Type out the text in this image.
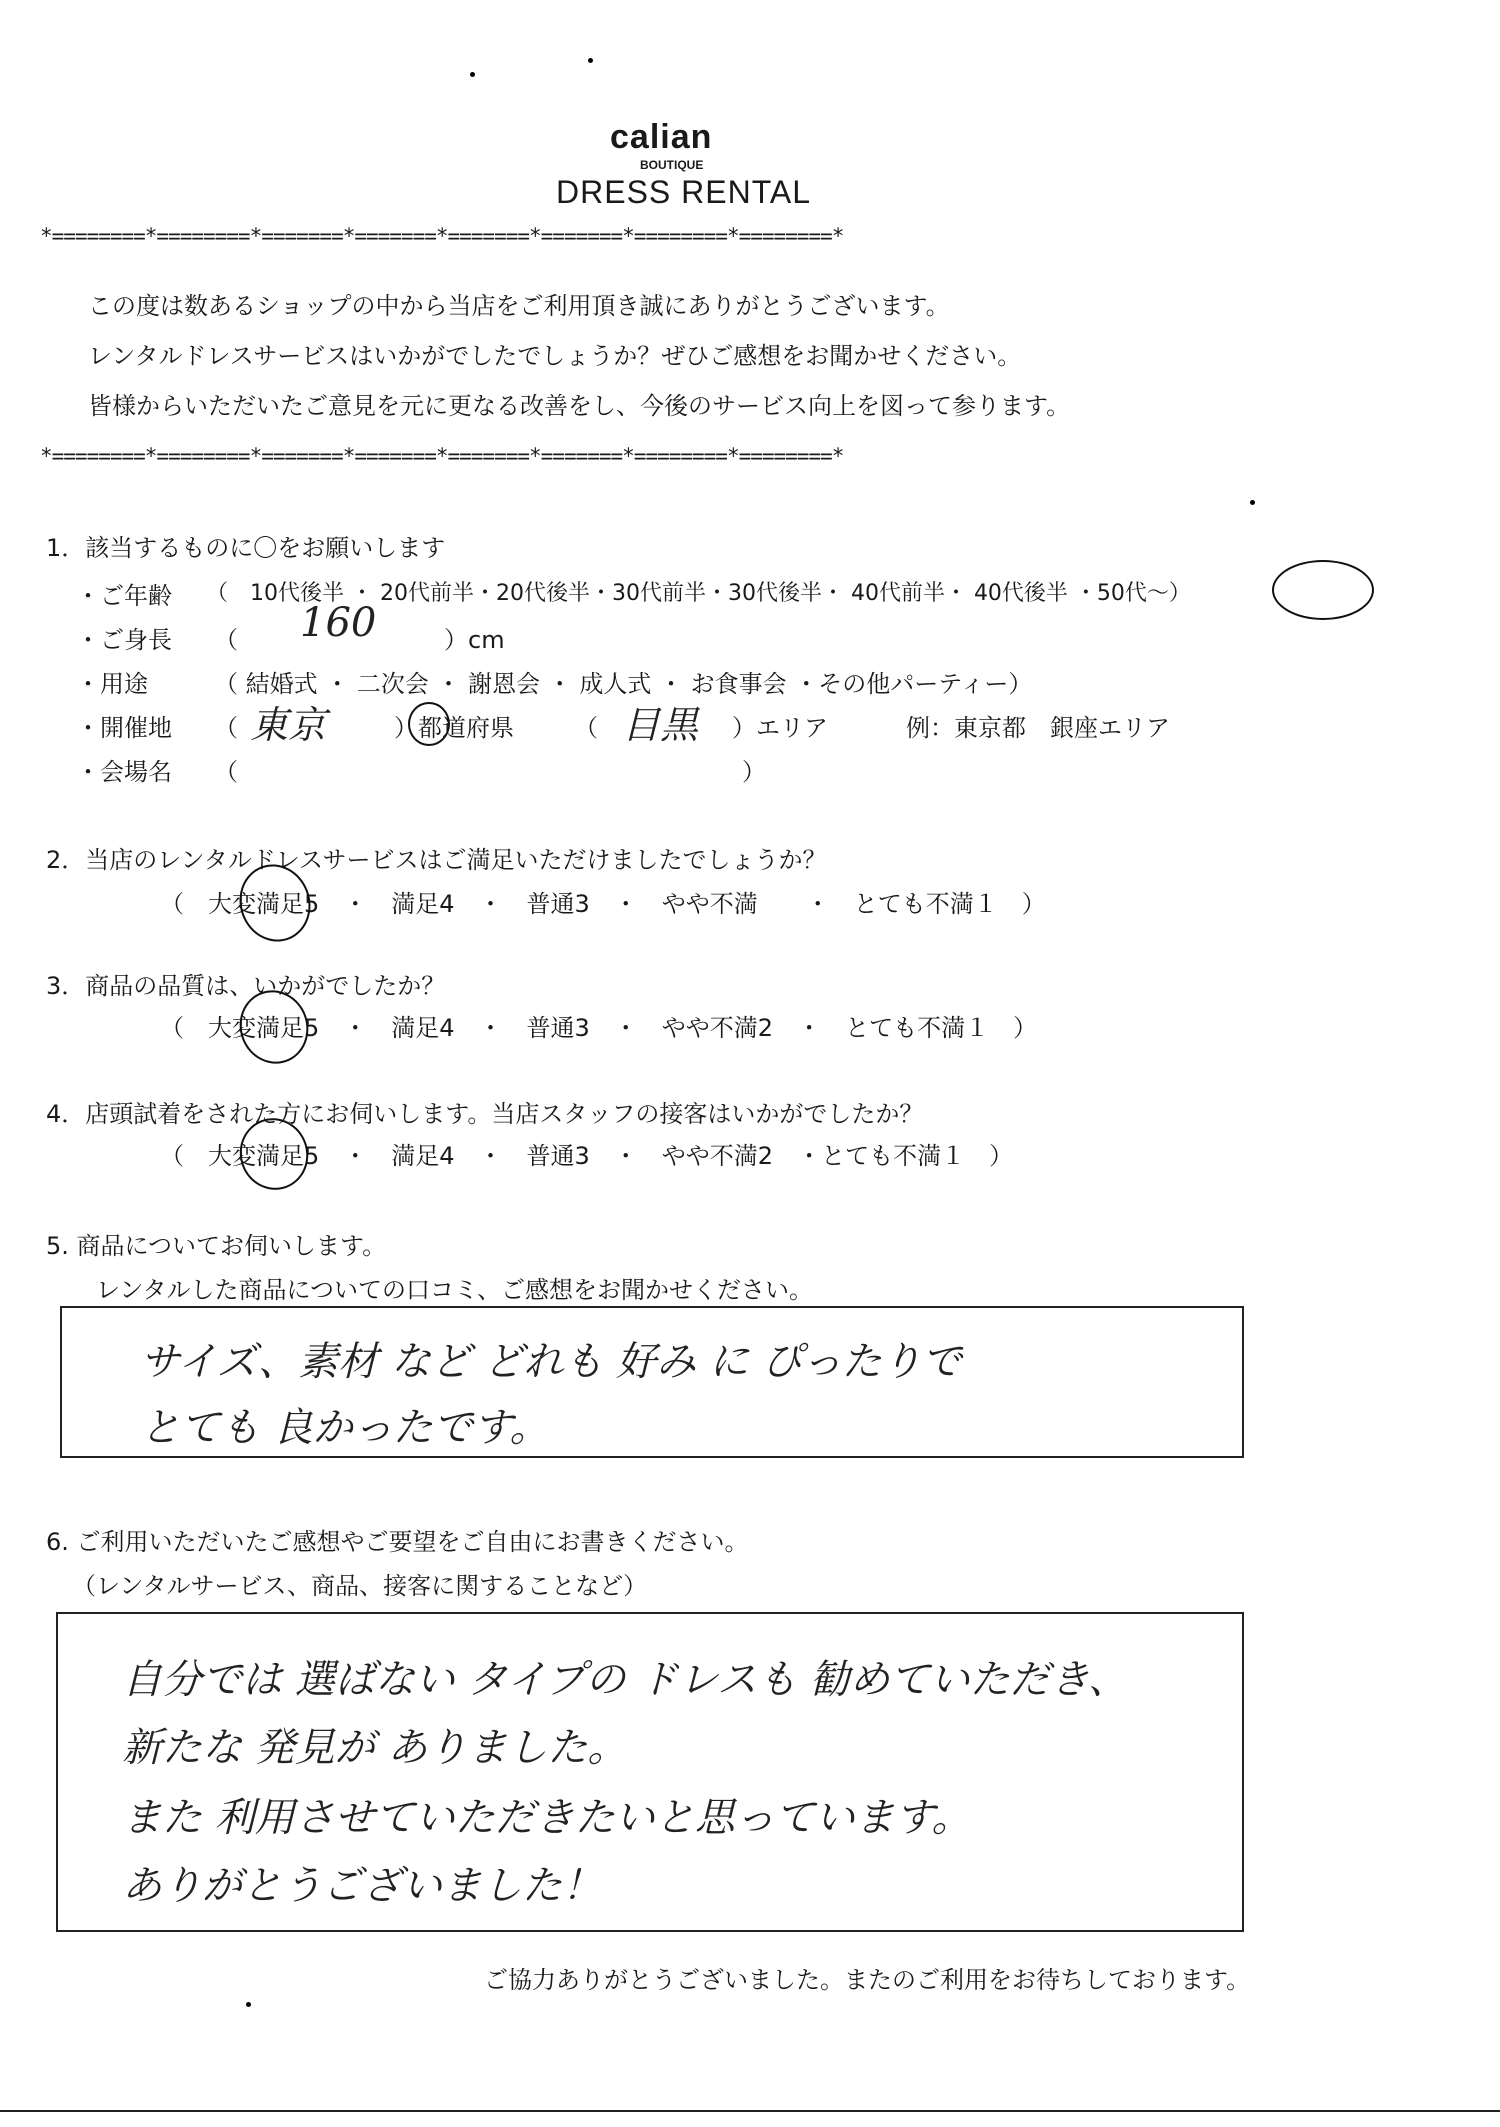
calian
BOUTIQUE
DRESS RENTAL
*========*========*=======*=======*=======*=======*========*========*
この度は数あるショップの中から当店をご利用頂き誠にありがとうございます。
レンタルドレスサービスはいかがでしたでしょうか？ぜひご感想をお聞かせください。
皆様からいただいたご意見を元に更なる改善をし、今後のサービス向上を図って参ります。
*========*========*=======*=======*=======*=======*========*========*
1．該当するものに〇をお願いします
・ご年齢 （　10代後半 ・ 20代前半・20代後半・30代前半・30代後半・ 40代前半・ 40代後半 ・50代～）
・ご身長 （ 160	）cm
・用途	（ 結婚式 ・ 二次会 ・ 謝恩会 ・ 成人式 ・ お食事会 ・その他パーティー）
・開催地 （ 東京	）都道府県	（ 目黒 ）エリア	例：東京都　銀座エリア
・会場名 （　　　　　　　　　　　　　　　　　　　　　）
2．当店のレンタルドレスサービスはご満足いただけましたでしょうか？
（　大変満足5　・　満足4　・　普通3　・　やや不満　　・　とても不満１　）
3．商品の品質は、いかがでしたか？
（　大変満足5　・　満足4　・　普通3　・　やや不満2　・　とても不満１　）
4．店頭試着をされた方にお伺いします。当店スタッフの接客はいかがでしたか？
（　大変満足5　・　満足4　・　普通3　・　やや不満2　・とても不満１　）
5. 商品についてお伺いします。
レンタルした商品についての口コミ、ご感想をお聞かせください。
サイズ、素材 など どれも 好み に ぴったりで
とても 良かったです。
6. ご利用いただいたご感想やご要望をご自由にお書きください。
（レンタルサービス、商品、接客に関することなど）
自分では 選ばない タイプの ドレスも 勧めていただき、
新たな 発見が ありました。
また 利用させていただきたいと思っています。
ありがとうございました！
ご協力ありがとうございました。またのご利用をお待ちしております。
